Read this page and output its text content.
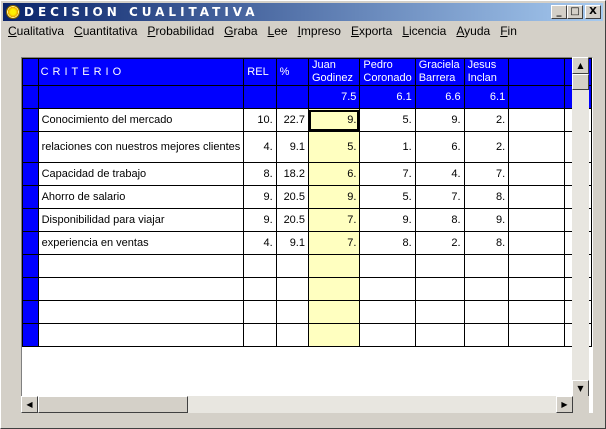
DECISION CUALITATIVA	_ □ X
Cualitativa Cuantitativa Probabilidad Graba Lee Impreso Exporta Licencia Ayuda Fin
	CRITERIO	REL	%	Juan Godinez	Pedro Coronado	Graciela Barrera	Jesus Inclan		
				7.5	6.1	6.6	6.1		
	Conocimiento del mercado	10.	22.7	9.	5.	9.	2.		
	relaciones con nuestros mejores clientes	4.	9.1	5.	1.	6.	2.		
	Capacidad de trabajo	8.	18.2	6.	7.	4.	7.		
	Ahorro de salario	9.	20.5	9.	5.	7.	8.		
	Disponibilidad para viajar	9.	20.5	7.	9.	8.	9.		
	experiencia en ventas	4.	9.1	7.	8.	2.	8.		

▲
▼
◀	▶
